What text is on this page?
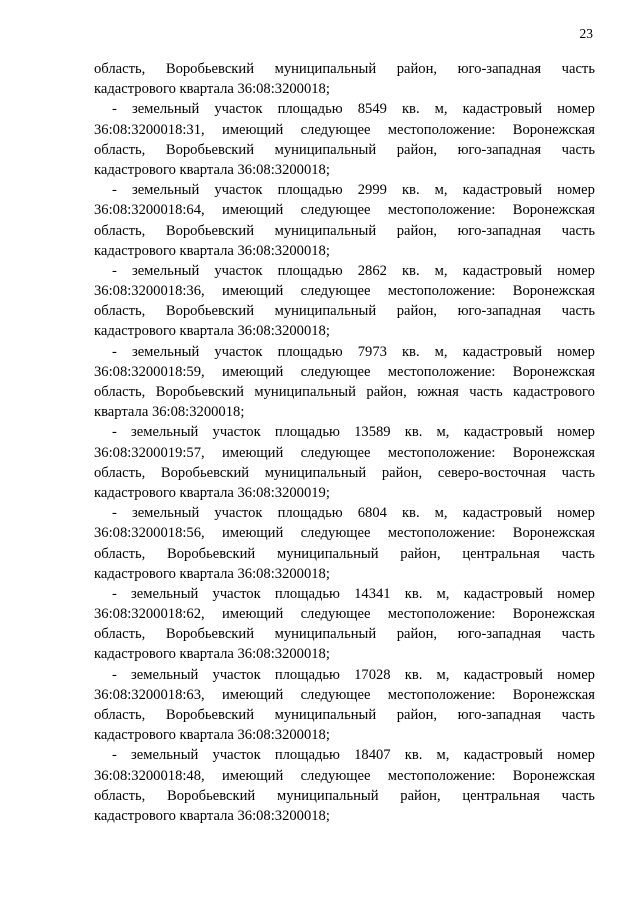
23
область, Воробьевский муниципальный район, юго-западная часть
кадастрового квартала 36:08:3200018;
- земельный участок площадью 8549 кв. м, кадастровый номер
36:08:3200018:31, имеющий следующее местоположение: Воронежская
область, Воробьевский муниципальный район, юго-западная часть
кадастрового квартала 36:08:3200018;
- земельный участок площадью 2999 кв. м, кадастровый номер
36:08:3200018:64, имеющий следующее местоположение: Воронежская
область, Воробьевский муниципальный район, юго-западная часть
кадастрового квартала 36:08:3200018;
- земельный участок площадью 2862 кв. м, кадастровый номер
36:08:3200018:36, имеющий следующее местоположение: Воронежская
область, Воробьевский муниципальный район, юго-западная часть
кадастрового квартала 36:08:3200018;
- земельный участок площадью 7973 кв. м, кадастровый номер
36:08:3200018:59, имеющий следующее местоположение: Воронежская
область, Воробьевский муниципальный район, южная часть кадастрового
квартала 36:08:3200018;
- земельный участок площадью 13589 кв. м, кадастровый номер
36:08:3200019:57, имеющий следующее местоположение: Воронежская
область, Воробьевский муниципальный район, северо-восточная часть
кадастрового квартала 36:08:3200019;
- земельный участок площадью 6804 кв. м, кадастровый номер
36:08:3200018:56, имеющий следующее местоположение: Воронежская
область, Воробьевский муниципальный район, центральная часть
кадастрового квартала 36:08:3200018;
- земельный участок площадью 14341 кв. м, кадастровый номер
36:08:3200018:62, имеющий следующее местоположение: Воронежская
область, Воробьевский муниципальный район, юго-западная часть
кадастрового квартала 36:08:3200018;
- земельный участок площадью 17028 кв. м, кадастровый номер
36:08:3200018:63, имеющий следующее местоположение: Воронежская
область, Воробьевский муниципальный район, юго-западная часть
кадастрового квартала 36:08:3200018;
- земельный участок площадью 18407 кв. м, кадастровый номер
36:08:3200018:48, имеющий следующее местоположение: Воронежская
область, Воробьевский муниципальный район, центральная часть
кадастрового квартала 36:08:3200018;
